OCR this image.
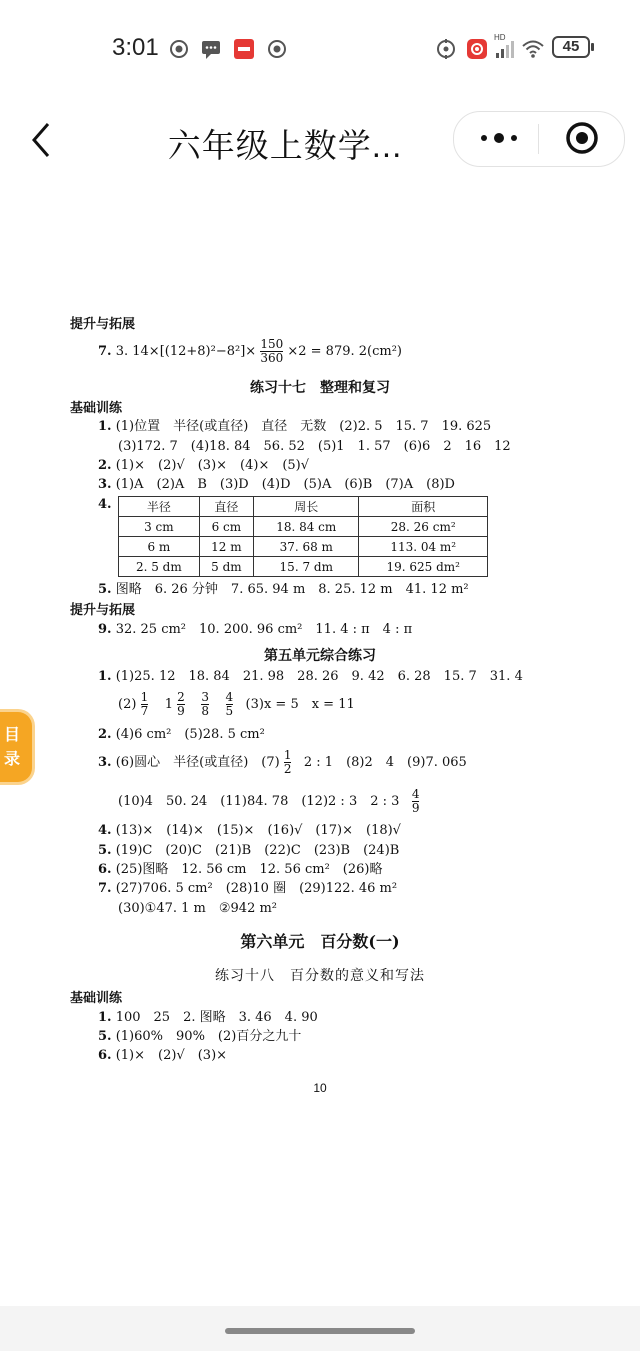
3:01	HD
45
六年级上数学...
提升与拓展
7. 3. $14\times[(12+8)^2-8^2]\times \frac{150}{360} \times 2 = 879$. 2(cm²)
练习十七　整理和复习
基础训练
1. (1)位置　半径(或直径)　直径　无数　(2)2. 5　15. 7　19. 625
(3)172. 7　(4)18. 84　56. 52　(5)1　1. 57　(6)6　2　16　12
2. (1)×　(2)√　(3)×　(4)×　(5)√
3. (1)A　(2)A　B　(3)D　(4)D　(5)A　(6)B　(7)A　(8)D
4.	半径	直径	周长	面积
3 cm	6 cm	18. 84 cm	28. 26 cm²
6 m	12 m	37. 68 m	113. 04 m²
2. 5 dm	5 dm	15. 7 dm	19. 625 dm²
5. 图略　6. 26 分钟　7. 65. 94 m　8. 25. 12 m　41. 12 m²
提升与拓展
9. 32. 25 cm²　10. 200. 96 cm²　11. 4 : π　4 : π
第五单元综合练习
1. (1)25. 12　18. 84　21. 98　28. 26　9. 42　6. 28　15. 7　31. 4
$(2) \frac{1}{7} 1 \frac{2}{9}$
$\frac{3}{8}$
$\frac{4}{5} (3)x = 5$　x = 11
2. (4)6 cm²　(5)28. 5 cm²
3. (6)圆心　半径(或直径)　$(7) \frac{1}{2} 2$ : 1　(8)2　4　(9)7. 065
(10)4　50. 24　(11)84. 78　(12)2 : 3　2 : $3 \frac{4}{9}$
4. (13)×　(14)×　(15)×　(16)√　(17)×　(18)√
5. (19)C　(20)C　(21)B　(22)C　(23)B　(24)B
6. (25)图略　12. 56 cm　12. 56 cm²　(26)略
7. (27)706. 5 cm²　(28)10 圈　(29)122. 46 m²
(30)①47. 1 m　②942 m²
第六单元　百分数(一)
练习十八　百分数的意义和写法
基础训练
1. 100　25　2. 图略　3. 46　4. 90
5. (1)60%　90%　(2)百分之九十
6. (1)×　(2)√　(3)×
10
目
录
